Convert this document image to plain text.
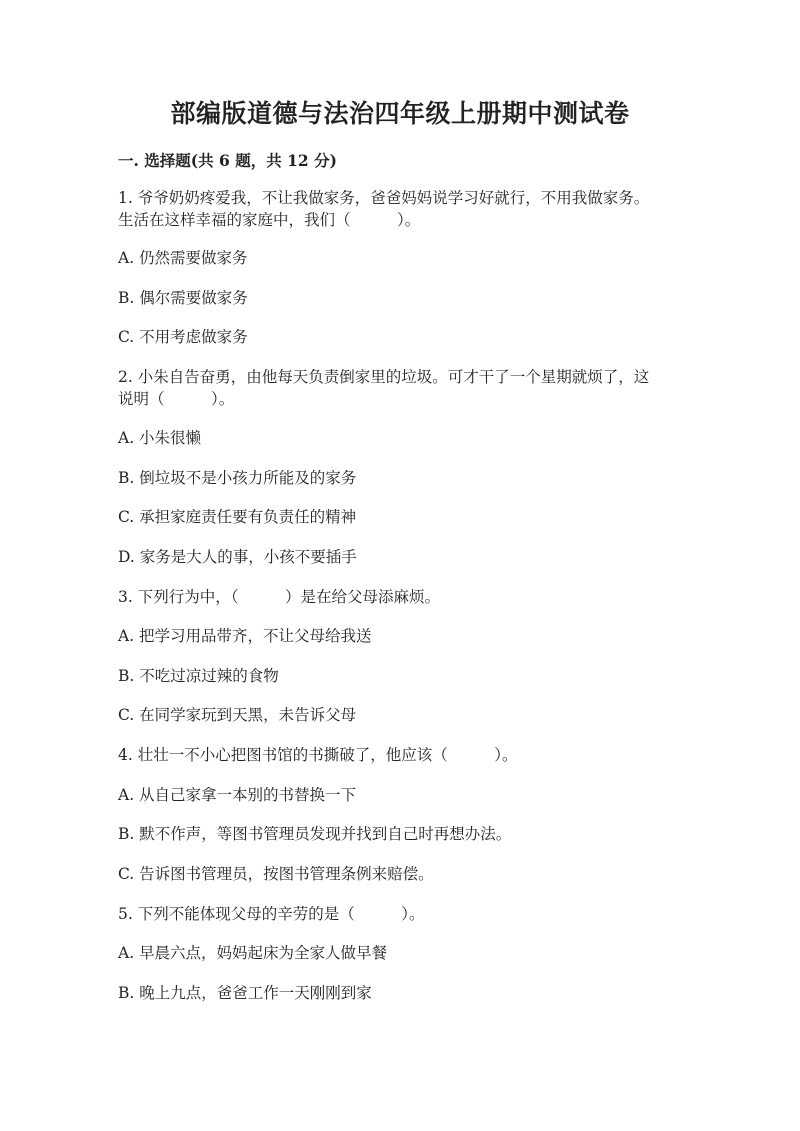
部编版道德与法治四年级上册期中测试卷
一. 选择题(共 6 题，共 12 分)
1. 爷爷奶奶疼爱我，不让我做家务，爸爸妈妈说学习好就行，不用我做家务。
生活在这样幸福的家庭中，我们（　　　）。
A. 仍然需要做家务
B. 偶尔需要做家务
C. 不用考虑做家务
2. 小朱自告奋勇，由他每天负责倒家里的垃圾。可才干了一个星期就烦了，这
说明（　　　）。
A. 小朱很懒
B. 倒垃圾不是小孩力所能及的家务
C. 承担家庭责任要有负责任的精神
D. 家务是大人的事，小孩不要插手
3. 下列行为中，（　　　）是在给父母添麻烦。
A. 把学习用品带齐，不让父母给我送
B. 不吃过凉过辣的食物
C. 在同学家玩到天黑，未告诉父母
4. 壮壮一不小心把图书馆的书撕破了，他应该（　　　）。
A. 从自己家拿一本别的书替换一下
B. 默不作声，等图书管理员发现并找到自己时再想办法。
C. 告诉图书管理员，按图书管理条例来赔偿。
5. 下列不能体现父母的辛劳的是（　　　）。
A. 早晨六点，妈妈起床为全家人做早餐
B. 晚上九点，爸爸工作一天刚刚到家
